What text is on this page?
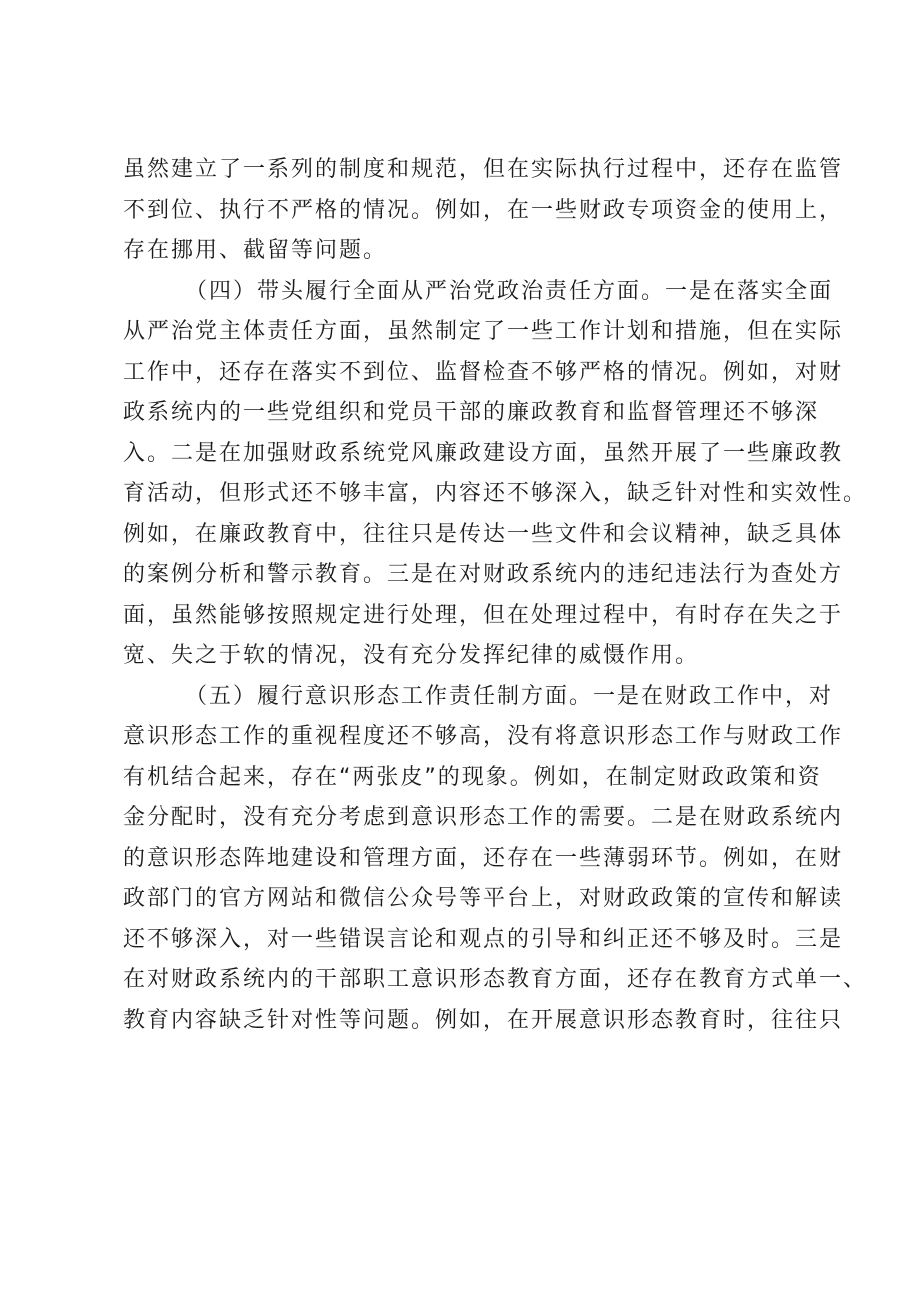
虽然建立了一系列的制度和规范，但在实际执行过程中，还存在监管
不到位、执行不严格的情况。例如，在一些财政专项资金的使用上，
存在挪用、截留等问题。
（四）带头履行全面从严治党政治责任方面。一是在落实全面
从严治党主体责任方面，虽然制定了一些工作计划和措施，但在实际
工作中，还存在落实不到位、监督检查不够严格的情况。例如，对财
政系统内的一些党组织和党员干部的廉政教育和监督管理还不够深
入。二是在加强财政系统党风廉政建设方面，虽然开展了一些廉政教
育活动，但形式还不够丰富，内容还不够深入，缺乏针对性和实效性。
例如，在廉政教育中，往往只是传达一些文件和会议精神，缺乏具体
的案例分析和警示教育。三是在对财政系统内的违纪违法行为查处方
面，虽然能够按照规定进行处理，但在处理过程中，有时存在失之于
宽、失之于软的情况，没有充分发挥纪律的威慑作用。
（五）履行意识形态工作责任制方面。一是在财政工作中，对
意识形态工作的重视程度还不够高，没有将意识形态工作与财政工作
有机结合起来，存在“两张皮”的现象。例如，在制定财政政策和资
金分配时，没有充分考虑到意识形态工作的需要。二是在财政系统内
的意识形态阵地建设和管理方面，还存在一些薄弱环节。例如，在财
政部门的官方网站和微信公众号等平台上，对财政政策的宣传和解读
还不够深入，对一些错误言论和观点的引导和纠正还不够及时。三是
在对财政系统内的干部职工意识形态教育方面，还存在教育方式单一、
教育内容缺乏针对性等问题。例如，在开展意识形态教育时，往往只
